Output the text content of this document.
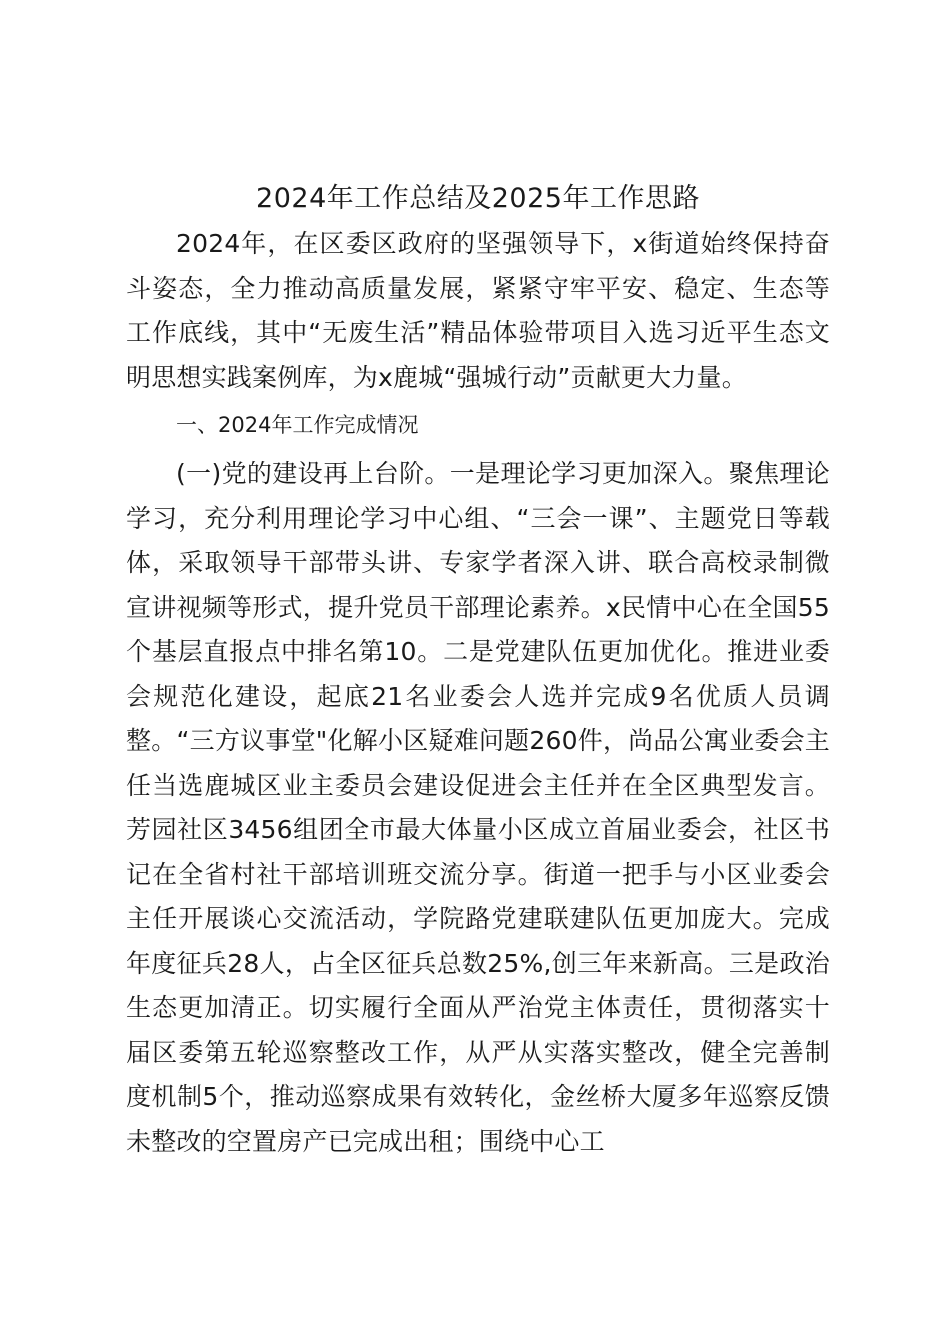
2024年工作总结及2025年工作思路

2024年，在区委区政府的坚强领导下，x街道始终保持奋斗姿态，全力推动高质量发展，紧紧守牢平安、稳定、生态等工作底线，其中“无废生活”精品体验带项目入选习近平生态文明思想实践案例库，为x鹿城“强城行动”贡献更大力量。

一、2024年工作完成情况

(一)党的建设再上台阶。一是理论学习更加深入。聚焦理论学习，充分利用理论学习中心组、“三会一课”、主题党日等载体，采取领导干部带头讲、专家学者深入讲、联合高校录制微宣讲视频等形式，提升党员干部理论素养。x民情中心在全国55个基层直报点中排名第10。二是党建队伍更加优化。推进业委会规范化建设，起底21名业委会人选并完成9名优质人员调整。“三方议事堂"化解小区疑难问题260件，尚品公寓业委会主任当选鹿城区业主委员会建设促进会主任并在全区典型发言。芳园社区3456组团全市最大体量小区成立首届业委会，社区书记在全省村社干部培训班交流分享。街道一把手与小区业委会主任开展谈心交流活动，学院路党建联建队伍更加庞大。完成年度征兵28人，占全区征兵总数25%,创三年来新高。三是政治生态更加清正。切实履行全面从严治党主体责任，贯彻落实十届区委第五轮巡察整改工作，从严从实落实整改，健全完善制度机制5个，推动巡察成果有效转化，金丝桥大厦多年巡察反馈未整改的空置房产已完成出租；围绕中心工
